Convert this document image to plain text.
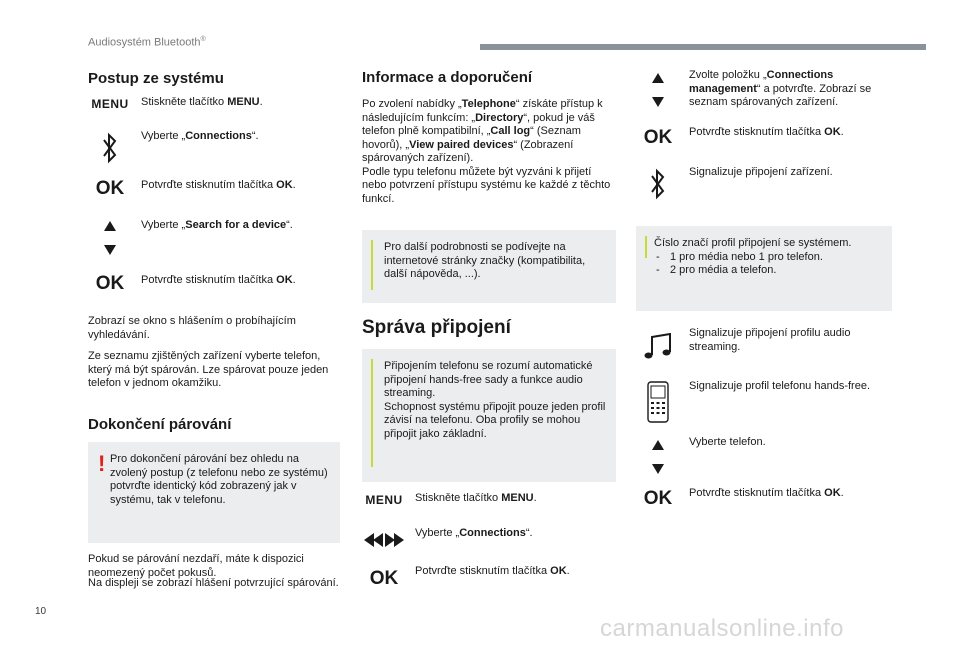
Audiosystém Bluetooth®
Postup ze systému
MENU Stiskněte tlačítko MENU.
Vyberte „Connections“.
OK Potvrďte stisknutím tlačítka OK.
Vyberte „Search for a device“.
OK Potvrďte stisknutím tlačítka OK.
Zobrazí se okno s hlášením o probíhajícím vyhledávání.
Ze seznamu zjištěných zařízení vyberte telefon, který má být spárován. Lze spárovat pouze jeden telefon v jednom okamžiku.
Dokončení párování
! Pro dokončení párování bez ohledu na zvolený postup (z telefonu nebo ze systému) potvrďte identický kód zobrazený jak v systému, tak v telefonu.
Pokud se párování nezdaří, máte k dispozici neomezený počet pokusů.
Na displeji se zobrazí hlášení potvrzující spárování.
Informace a doporučení
Po zvolení nabídky „Telephone“ získáte přístup k následujícím funkcím: „Directory“, pokud je váš telefon plně kompatibilní, „Call log“ (Seznam hovorů), „View paired devices“ (Zobrazení spárovaných zařízení).
Podle typu telefonu můžete být vyzváni k přijetí nebo potvrzení přístupu systému ke každé z těchto funkcí.
Pro další podrobnosti se podívejte na internetové stránky značky (kompatibilita, další nápověda, ...).
Správa připojení
Připojením telefonu se rozumí automatické připojení hands-free sady a funkce audio streaming.
Schopnost systému připojit pouze jeden profil závisí na telefonu. Oba profily se mohou připojit jako základní.
MENU Stiskněte tlačítko MENU.
Vyberte „Connections“.
OK Potvrďte stisknutím tlačítka OK.
Zvolte položku „Connections management“ a potvrďte. Zobrazí se seznam spárovaných zařízení.
OK Potvrďte stisknutím tlačítka OK.
Signalizuje připojení zařízení.
Číslo značí profil připojení se systémem.
- 1 pro média nebo 1 pro telefon.
- 2 pro média a telefon.
Signalizuje připojení profilu audio streaming.
Signalizuje profil telefonu hands-free.
Vyberte telefon.
OK Potvrďte stisknutím tlačítka OK.
10
carmanualsonline.info
